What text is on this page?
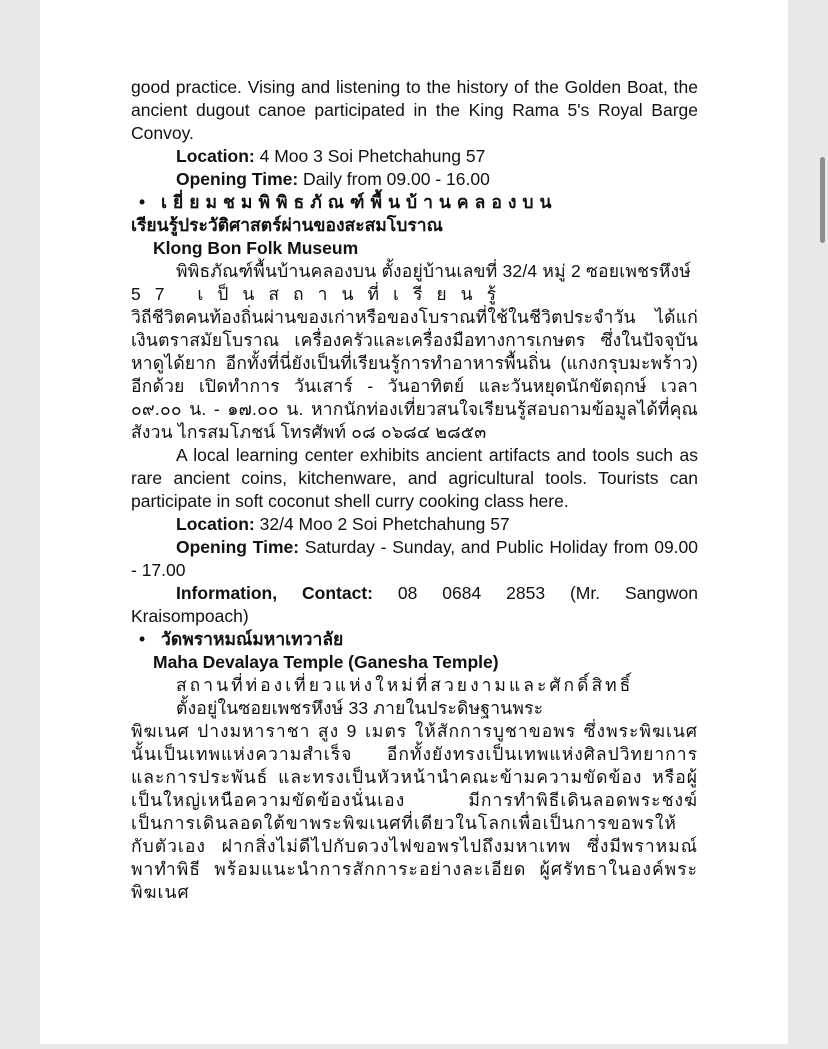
good practice. Vising and listening to the history of the Golden Boat, the ancient dugout canoe participated in the King Rama 5's Royal Barge Convoy.

Location: 4 Moo 3 Soi Phetchahung 57

Opening Time: Daily from 09.00 - 16.00

• เยี่ยมชมพิพิธภัณฑ์พื้นบ้านคลองบน
เรียนรู้ประวัติศาสตร์ผ่านของสะสมโบราณ
Klong Bon Folk Museum

พิพิธภัณฑ์พื้นบ้านคลองบน ตั้งอยู่บ้านเลขที่ 32/4 หมู่ 2 ซอยเพชรหึงษ์

57 เป็นสถานที่เรียนรู้

วิถีชีวิตคนท้องถิ่นผ่านของเก่าหรือของโบราณที่ใช้ในชีวิตประจำวัน ได้แก่ เงินตราสมัยโบราณ เครื่องครัวและเครื่องมือทางการเกษตร ซึ่งในปัจจุบันหาดูได้ยาก อีกทั้งที่นี่ยังเป็นที่เรียนรู้การทำอาหารพื้นถิ่น (แกงกรุบมะพร้าว) อีกด้วย เปิดทำการ วันเสาร์ - วันอาทิตย์ และวันหยุดนักขัตฤกษ์ เวลา ๐๙.๐๐ น. - ๑๗.๐๐ น. หากนักท่องเที่ยวสนใจเรียนรู้สอบถามข้อมูลได้ที่คุณสังวน ไกรสมโภชน์ โทรศัพท์ ๐๘ ๐๖๘๔ ๒๘๕๓

A local learning center exhibits ancient artifacts and tools such as rare ancient coins, kitchenware, and agricultural tools. Tourists can participate in soft coconut shell curry cooking class here.

Location: 32/4 Moo 2 Soi Phetchahung 57

Opening Time: Saturday - Sunday, and Public Holiday from 09.00 - 17.00

Information, Contact: 08 0684 2853 (Mr. Sangwon Kraisompoach)

• วัดพราหมณ์มหาเทวาลัย
Maha Devalaya Temple (Ganesha Temple)

สถานที่ท่องเที่ยวแห่งใหม่ที่สวยงามและศักดิ์สิทธิ์

ตั้งอยู่ในซอยเพชรหึงษ์ 33 ภายในประดิษฐานพระ

พิฆเนศ ปางมหาราชา สูง 9 เมตร ให้สักการบูชาขอพร ซึ่งพระพิฆเนศนั้นเป็นเทพแห่งความสำเร็จ อีกทั้งยังทรงเป็นเทพแห่งศิลปวิทยาการและการประพันธ์ และทรงเป็นหัวหน้านำคณะข้ามความขัดข้อง หรือผู้เป็นใหญ่เหนือความขัดข้องนั่นเอง มีการทำพิธีเดินลอดพระชงฆ์ เป็นการเดินลอดใต้ขาพระพิฆเนศที่เดียวในโลกเพื่อเป็นการขอพรให้กับตัวเอง ฝากสิ่งไม่ดีไปกับดวงไฟขอพรไปถึงมหาเทพ ซึ่งมีพราหมณ์พาทำพิธี พร้อมแนะนำการสักการะอย่างละเอียด ผู้ศรัทธาในองค์พระพิฆเนศ
